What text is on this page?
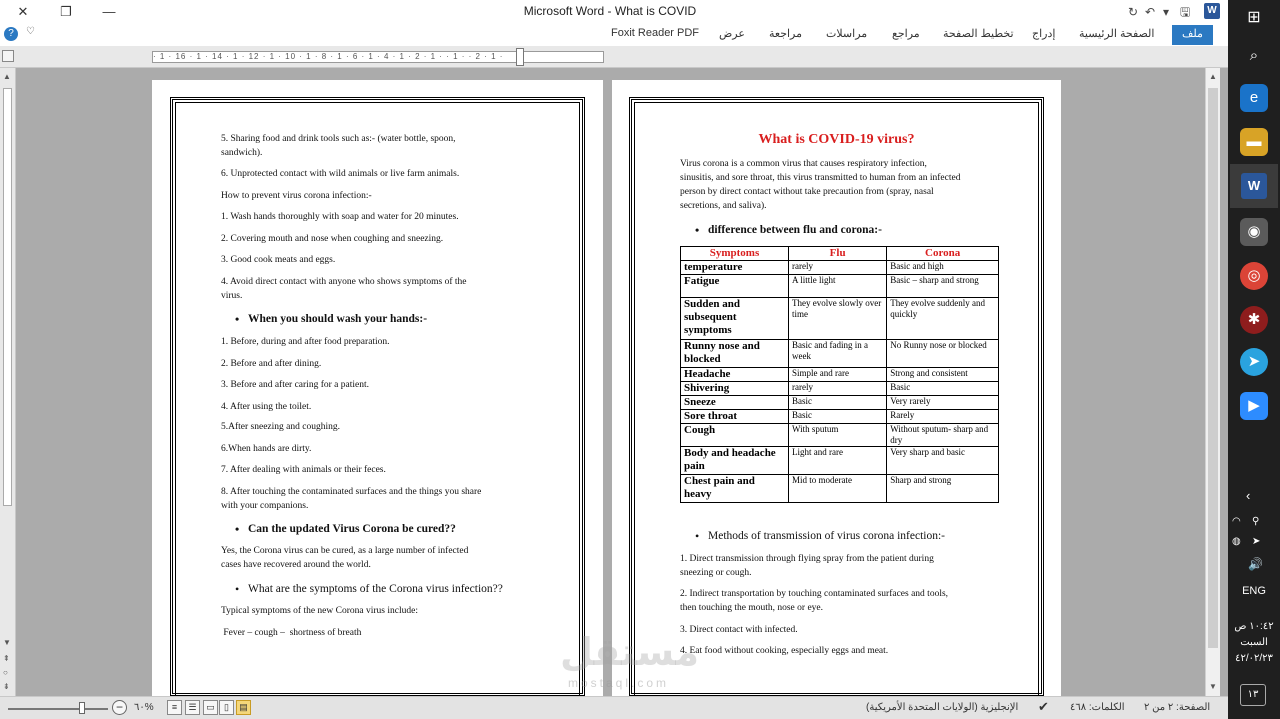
✕	❐	—	Microsoft Word - What is COVID	↻ ↶ ▾ 🖫	W
?	♡	ملف
الصفحة الرئيسية
إدراج
تخطيط الصفحة
مراجع
مراسلات
مراجعة
عرض
Foxit Reader PDF
· 1 · 16 · 1 · 14 · 1 · 12 · 1 · 10 · 1 · 8 · 1 · 6 · 1 · 4 · 1 · 2 · 1 · · 1 · · 2 · 1 ·
▲
▼
⇞
○
⇟
▲
▼
5. Sharing food and drink tools such as:- (water bottle, spoon,
sandwich).
6. Unprotected contact with wild animals or live farm animals.
How to prevent virus corona infection:-
1. Wash hands thoroughly with soap and water for 20 minutes.
2. Covering mouth and nose when coughing and sneezing.
3. Good cook meats and eggs.
4. Avoid direct contact with anyone who shows symptoms of the
virus.
• When you should wash your hands:-
1. Before, during and after food preparation.
2. Before and after dining.
3. Before and after caring for a patient.
4. After using the toilet.
5.After sneezing and coughing.
6.When hands are dirty.
7. After dealing with animals or their feces.
8. After touching the contaminated surfaces and the things you share
with your companions.
• Can the updated Virus Corona be cured??
Yes, the Corona virus can be cured, as a large number of infected
cases have recovered around the world.
• What are the symptoms of the Corona virus infection??
Typical symptoms of the new Corona virus include:
Fever – cough –  shortness of breath
What is COVID-19 virus?
Virus corona is a common virus that causes respiratory infection,
sinusitis, and sore throat, this virus transmitted to human from an infected
person by direct contact without take precaution from (spray, nasal
secretions, and saliva).
• difference between flu and corona:-
Symptoms	Flu	Corona
temperature	rarely	Basic and high
Fatigue	A little light	Basic – sharp and strong
Sudden and subsequent symptoms	They evolve slowly over time	They evolve suddenly and quickly
Runny nose and blocked	Basic and fading in a week	No Runny nose or blocked
Headache	Simple and rare	Strong and consistent
Shivering	rarely	Basic
Sneeze	Basic	Very rarely
Sore throat	Basic	Rarely
Cough	With sputum	Without sputum- sharp and dry
Body and headache pain	Light and rare	Very sharp and basic
Chest pain and heavy	Mid to moderate	Sharp and strong
• Methods of transmission of virus corona infection:-
1. Direct transmission through flying spray from the patient during
sneezing or cough.
2. Indirect transportation by touching contaminated surfaces and tools,
then touching the mouth, nose or eye.
3. Direct contact with infected.
4. Eat food without cooking, especially eggs and meat.
مستقل
mostaql.com
−	٦٠%	≡	☰	▭	▯	▤	الإنجليزية (الولايات المتحدة الأمريكية) ✔ الكلمات: ٤٦٨ الصفحة: ٢ من ٢
⊞
⌕
e
▬
W
◉
◎
✱
➤
▶
‹
◠ ⚲
◍ ➤
🔊
ENG
١٠:٤٢ ص
السبت
٤٢/٠٢/٢٣
١٣
